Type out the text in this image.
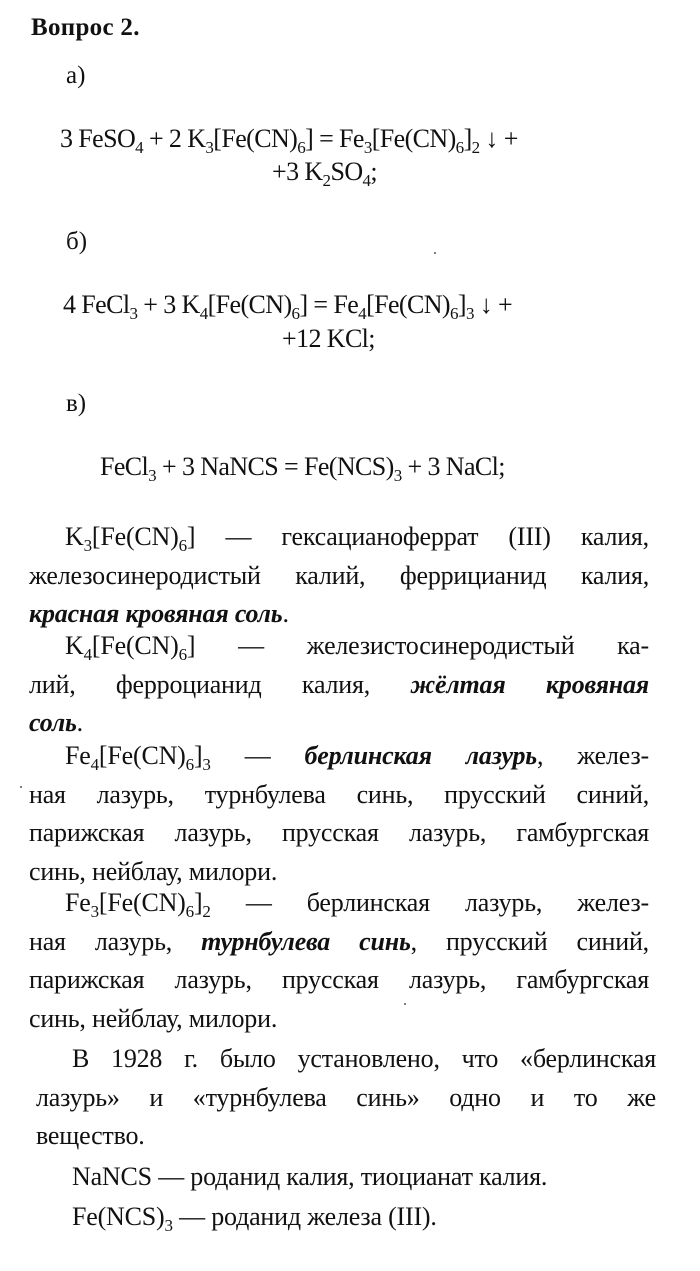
Вопрос 2.
а)
3 FeSO$_4$ + 2 $K_3[Fe(CN)_6] = Fe_3[Fe(CN)_6]_2$ ↓ +
+3 $K_2SO_4$;
б)
4 FeCl$_3$ + 3 $K_4[Fe(CN)_6] = Fe_4[Fe(CN)_6]_3$ ↓ +
+12 KCl;
в)
FeCl$_3$ + 3 NaNCS = $Fe(NCS)_3 + 3$ NaCl;
$K_3[Fe(CN)_6]$ — гексацианоферрат (III) калия,
железосинеродистый калий, феррицианид калия,
красная кровяная соль.
$K_4[Fe(CN)_6]$ — железистосинеродистый ка-
лий, ферроцианид калия, жёлтая кровяная
соль.
$Fe_4[Fe(CN)_6]_3$ — берлинская лазурь, желез-
ная лазурь, турнбулева синь, прусский синий,
парижская лазурь, прусская лазурь, гамбургская
синь, нейблау, милори.
$Fe_3[Fe(CN)_6]_2$ — берлинская лазурь, желез-
ная лазурь, турнбулева синь, прусский синий,
парижская лазурь, прусская лазурь, гамбургская
синь, нейблау, милори.
В 1928 г. было установлено, что «берлинская
лазурь» и «турнбулева синь» одно и то же
вещество.
NaNCS — роданид калия, тиоцианат калия.
$Fe(NCS)_3$ — роданид железа (III).
